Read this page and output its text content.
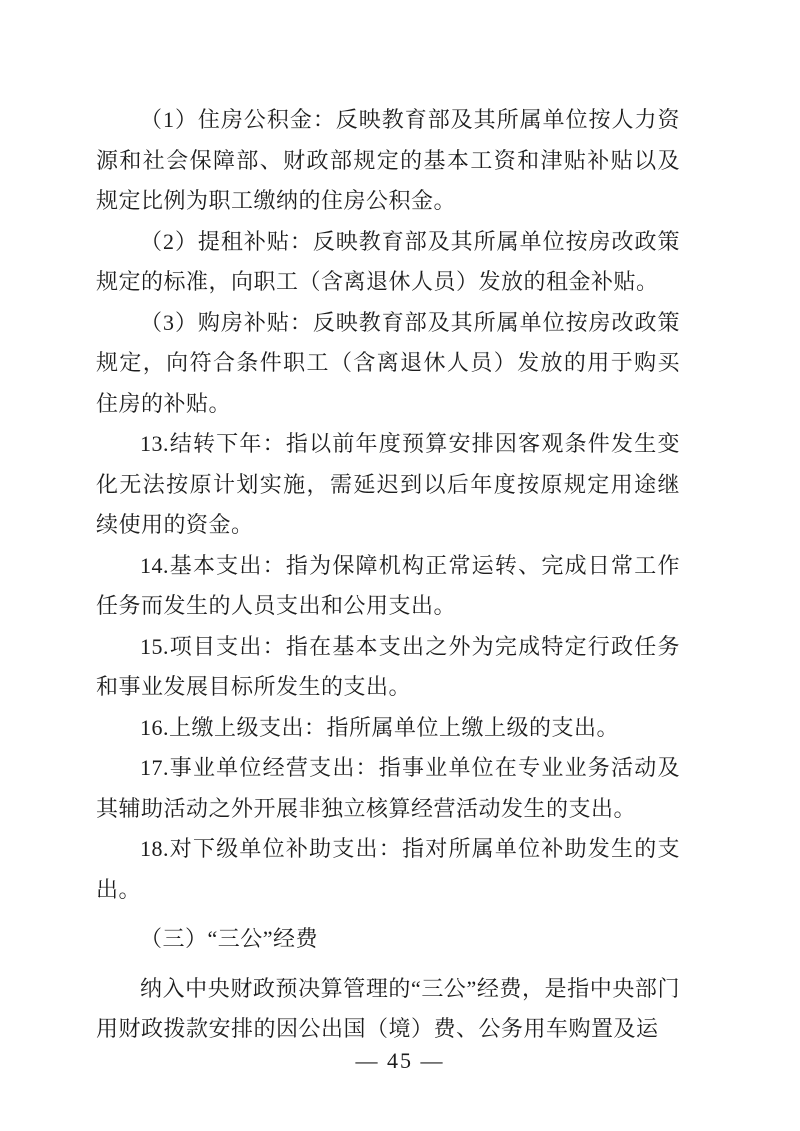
（1）住房公积金：反映教育部及其所属单位按人力资源和社会保障部、财政部规定的基本工资和津贴补贴以及规定比例为职工缴纳的住房公积金。

（2）提租补贴：反映教育部及其所属单位按房改政策规定的标准，向职工（含离退休人员）发放的租金补贴。

（3）购房补贴：反映教育部及其所属单位按房改政策规定，向符合条件职工（含离退休人员）发放的用于购买住房的补贴。

13.结转下年：指以前年度预算安排因客观条件发生变化无法按原计划实施，需延迟到以后年度按原规定用途继续使用的资金。

14.基本支出：指为保障机构正常运转、完成日常工作任务而发生的人员支出和公用支出。

15.项目支出：指在基本支出之外为完成特定行政任务和事业发展目标所发生的支出。

16.上缴上级支出：指所属单位上缴上级的支出。

17.事业单位经营支出：指事业单位在专业业务活动及其辅助活动之外开展非独立核算经营活动发生的支出。

18.对下级单位补助支出：指对所属单位补助发生的支出。

（三）“三公”经费

纳入中央财政预决算管理的“三公”经费，是指中央部门用财政拨款安排的因公出国（境）费、公务用车购置及运

— 45 —
